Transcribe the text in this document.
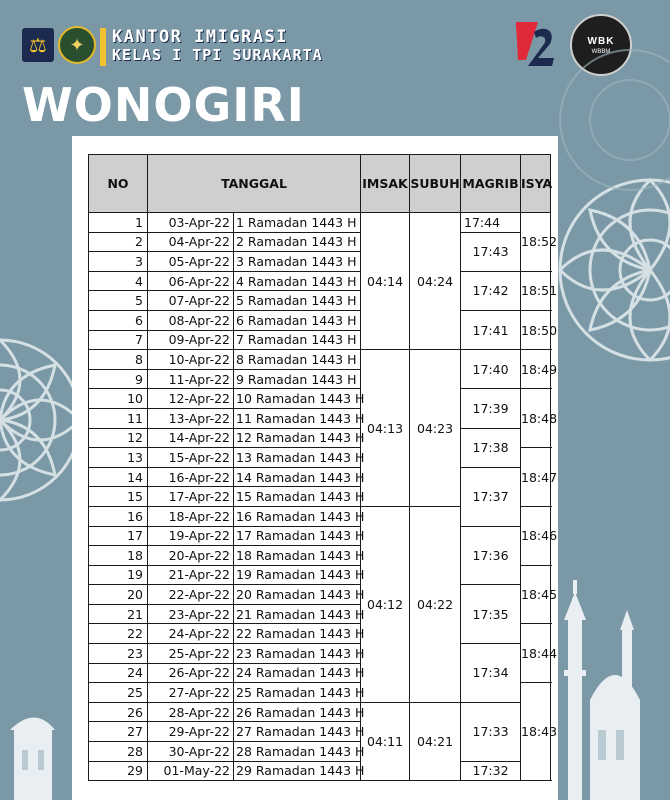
⚖	✦	KANTOR IMIGRASI
KELAS I TPI SURAKARTA
WBK
WBBM
WONOGIRI
NO	TANGGAL		IMSAK	SUBUH	MAGRIB	ISYA
1	03-Apr-22	1 Ramadan 1443 H	04:14	04:24	17:44	18:52
2	04-Apr-22	2 Ramadan 1443 H			17:43	
3	05-Apr-22	3 Ramadan 1443 H				
4	06-Apr-22	4 Ramadan 1443 H			17:42	18:51
5	07-Apr-22	5 Ramadan 1443 H				
6	08-Apr-22	6 Ramadan 1443 H			17:41	18:50
7	09-Apr-22	7 Ramadan 1443 H				
8	10-Apr-22	8 Ramadan 1443 H	04:13	04:23	17:40	18:49
9	11-Apr-22	9 Ramadan 1443 H				
10	12-Apr-22	10 Ramadan 1443 H			17:39	18:48
11	13-Apr-22	11 Ramadan 1443 H				
12	14-Apr-22	12 Ramadan 1443 H			17:38	
13	15-Apr-22	13 Ramadan 1443 H				18:47
14	16-Apr-22	14 Ramadan 1443 H			17:37	
15	17-Apr-22	15 Ramadan 1443 H				
16	18-Apr-22	16 Ramadan 1443 H	04:12	04:22		18:46
17	19-Apr-22	17 Ramadan 1443 H			17:36	
18	20-Apr-22	18 Ramadan 1443 H				
19	21-Apr-22	19 Ramadan 1443 H				18:45
20	22-Apr-22	20 Ramadan 1443 H			17:35	
21	23-Apr-22	21 Ramadan 1443 H				
22	24-Apr-22	22 Ramadan 1443 H				18:44
23	25-Apr-22	23 Ramadan 1443 H			17:34	
24	26-Apr-22	24 Ramadan 1443 H				
25	27-Apr-22	25 Ramadan 1443 H				18:43
26	28-Apr-22	26 Ramadan 1443 H	04:11	04:21	17:33	
27	29-Apr-22	27 Ramadan 1443 H				
28	30-Apr-22	28 Ramadan 1443 H				
29	01-May-22	29 Ramadan 1443 H			17:32	
